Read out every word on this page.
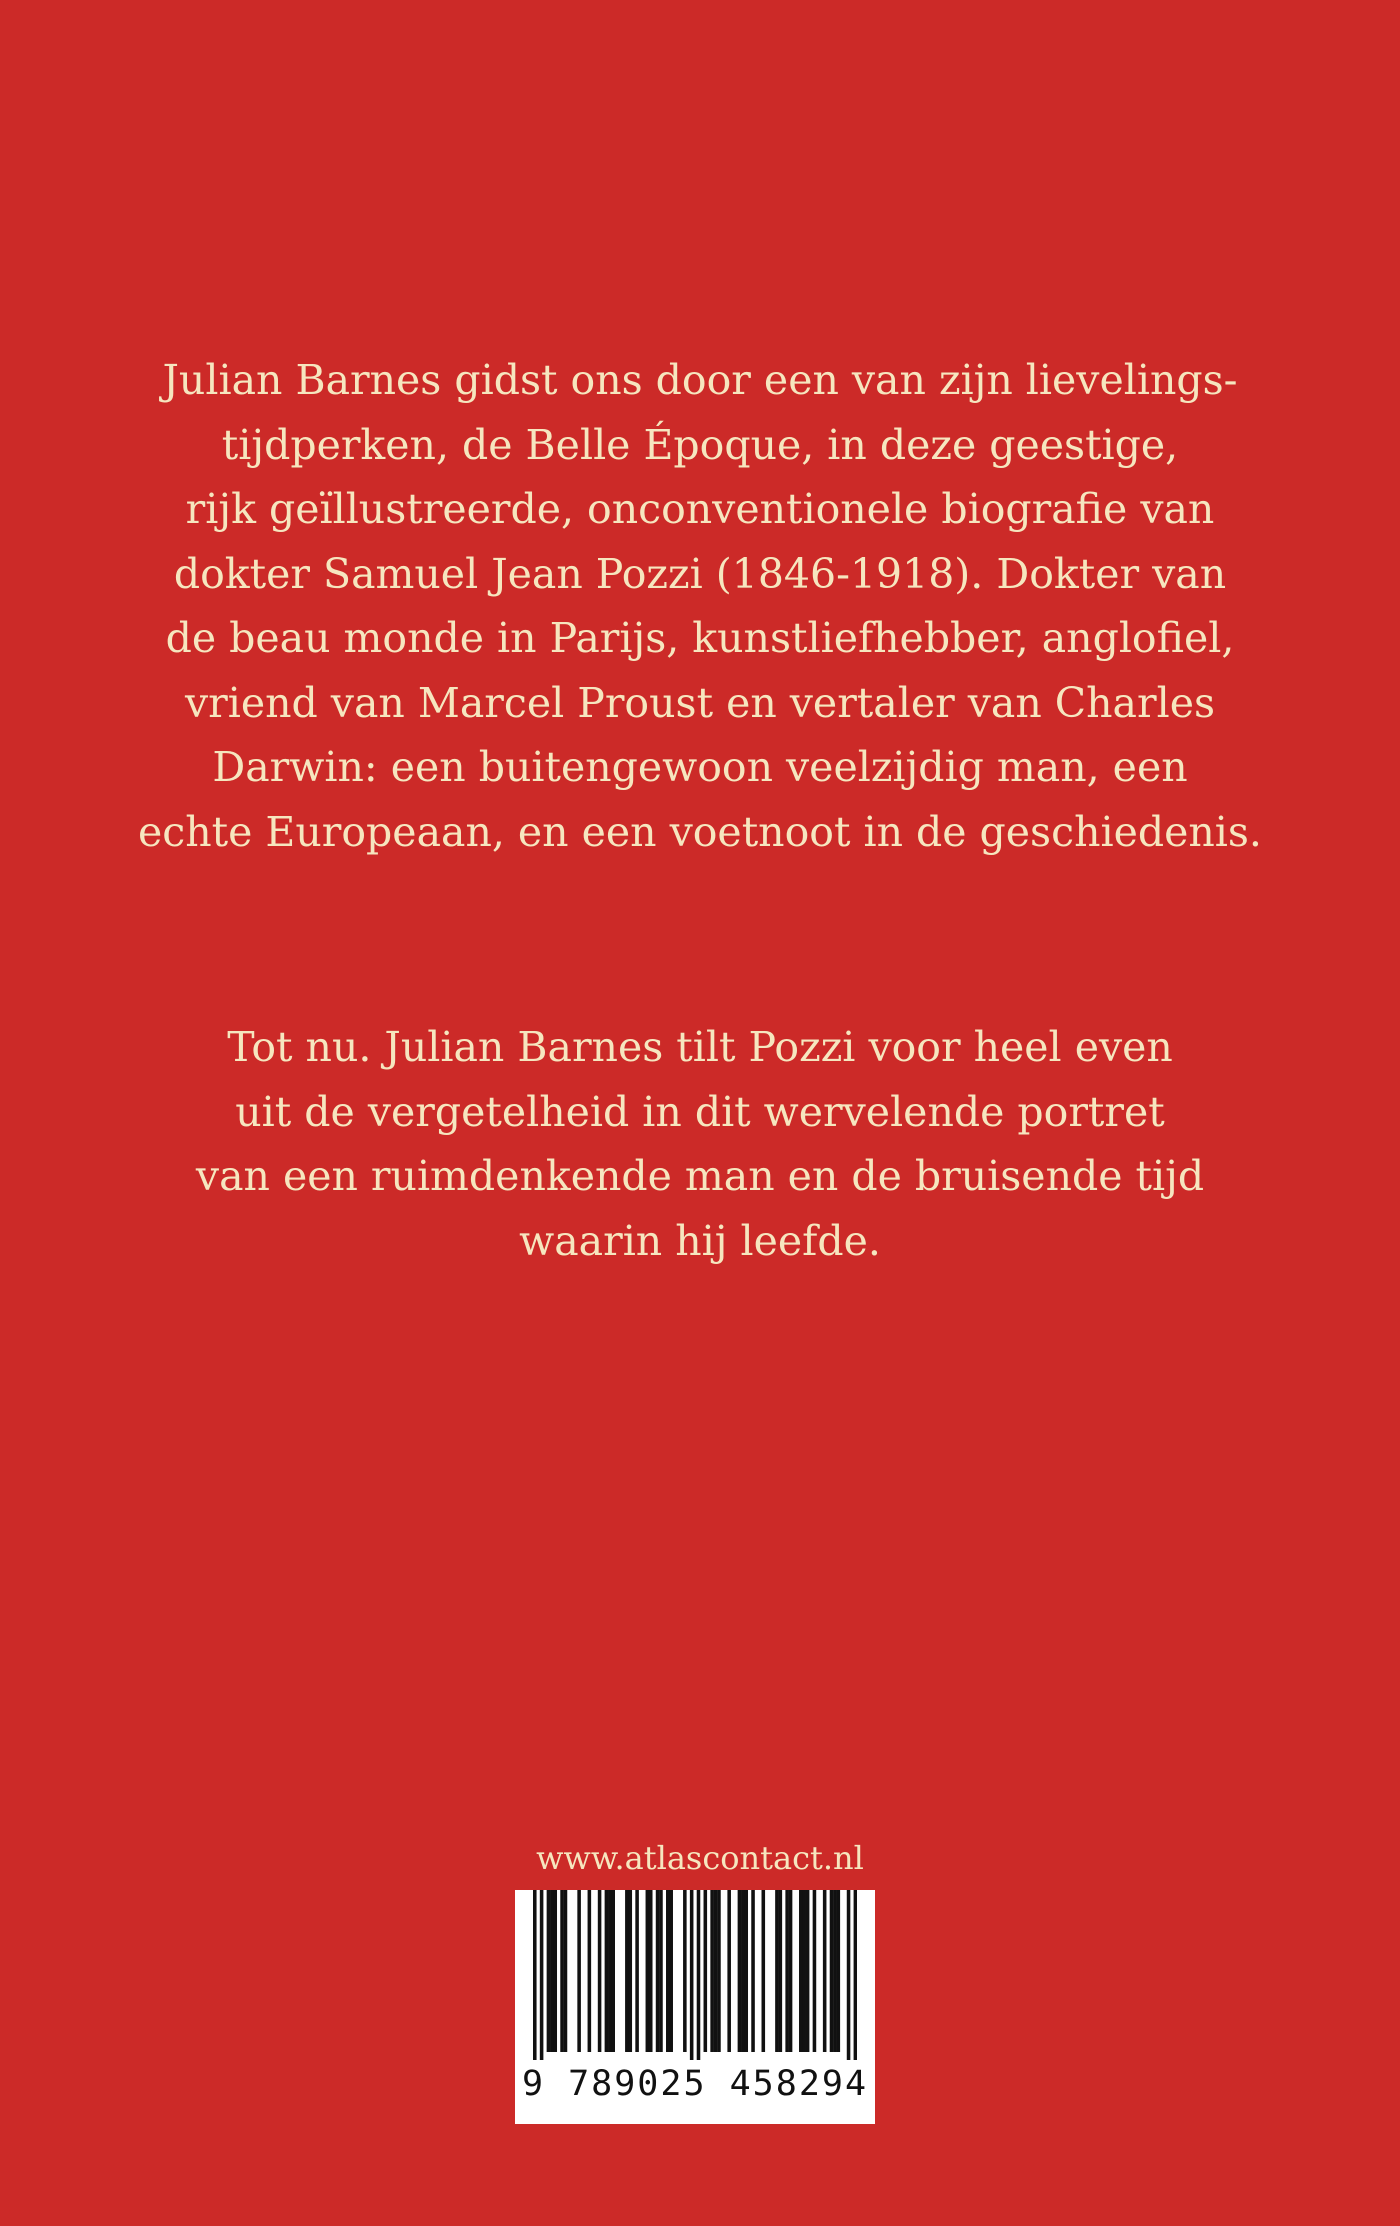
Julian Barnes gidst ons door een van zijn lievelings-
tijdperken, de Belle Époque, in deze geestige,
rijk geïllustreerde, onconventionele biografie van
dokter Samuel Jean Pozzi (1846-1918). Dokter van
de beau monde in Parijs, kunstliefhebber, anglofiel,
vriend van Marcel Proust en vertaler van Charles
Darwin: een buitengewoon veelzijdig man, een
echte Europeaan, en een voetnoot in de geschiedenis.
Tot nu. Julian Barnes tilt Pozzi voor heel even
uit de vergetelheid in dit wervelende portret
van een ruimdenkende man en de bruisende tijd
waarin hij leefde.
www.atlascontact.nl
9 789025 458294
